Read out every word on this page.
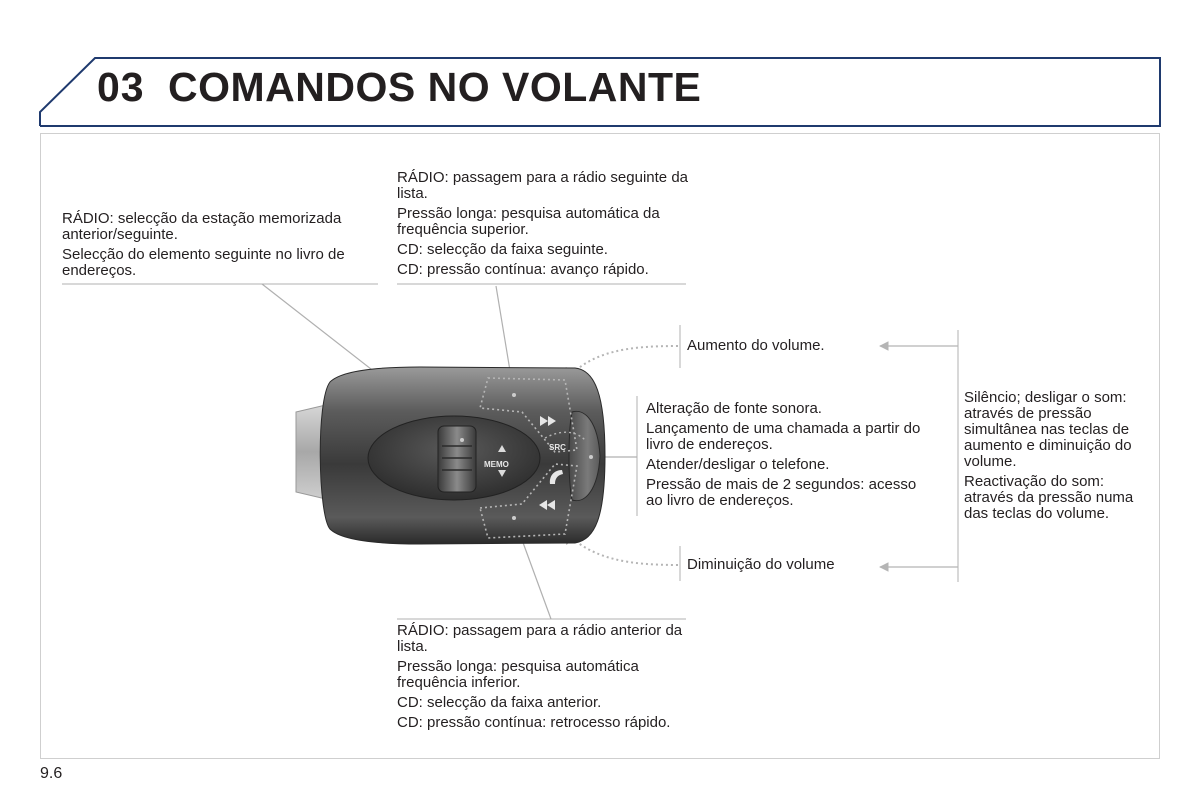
03 COMANDOS NO VOLANTE
MEMO
SRC

RÁDIO: selecção da estação memorizada anterior/seguinte.

Selecção do elemento seguinte no livro de endereços.

RÁDIO: passagem para a rádio seguinte da lista.

Pressão longa: pesquisa automática da frequência superior.

CD: selecção da faixa seguinte.

CD: pressão contínua: avanço rápido.

Aumento do volume.

Alteração de fonte sonora.

Lançamento de uma chamada a partir do livro de endereços.

Atender/desligar o telefone.

Pressão de mais de 2 segundos: acesso ao livro de endereços.

Silêncio; desligar o som: através de pressão simultânea nas teclas de aumento e diminuição do volume.

Reactivação do som: através da pressão numa das teclas do volume.

Diminuição do volume

RÁDIO: passagem para a rádio anterior da lista.

Pressão longa: pesquisa automática frequência inferior.

CD: selecção da faixa anterior.

CD: pressão contínua: retrocesso rápido.

9.6
